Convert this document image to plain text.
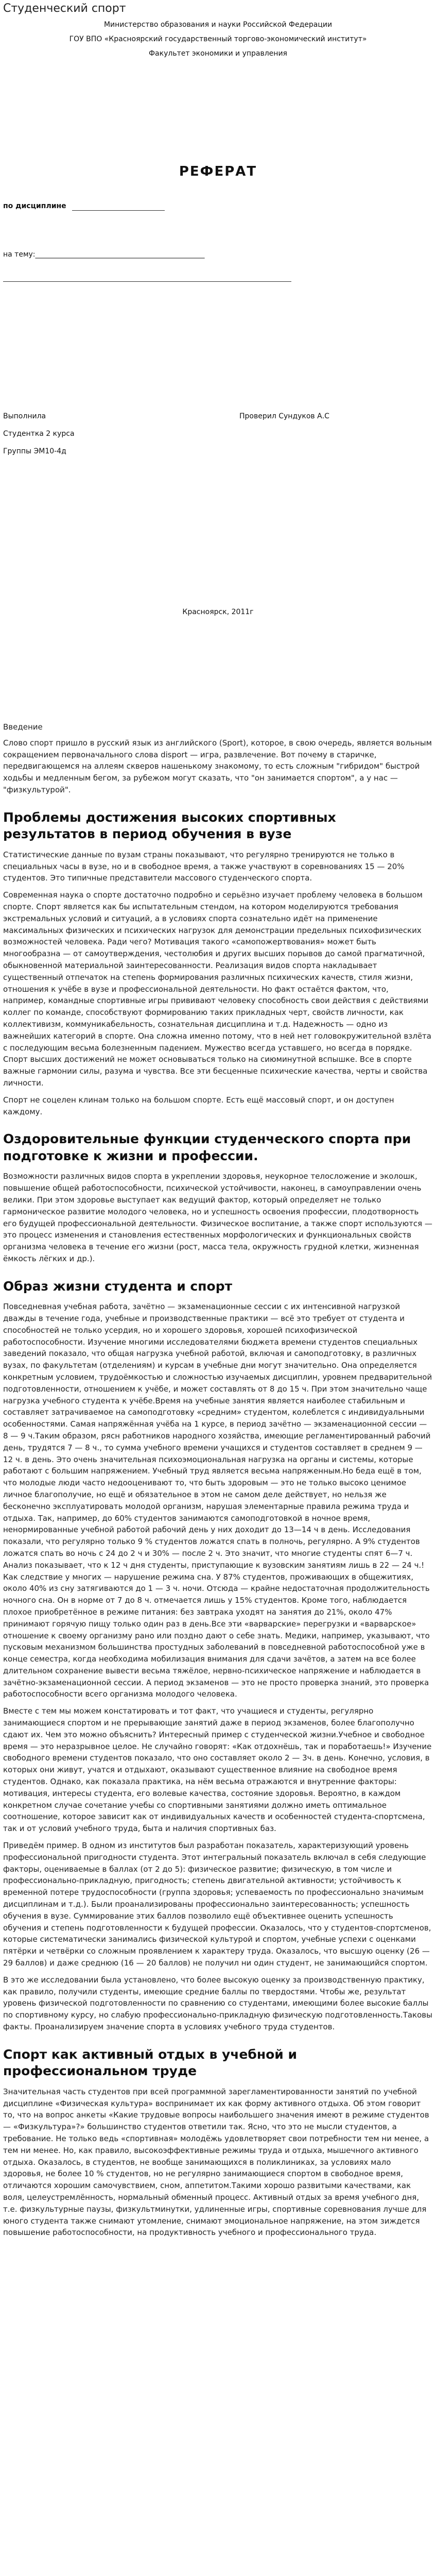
Студенческий спорт
Министерство образования и науки Российской Федерации
ГОУ ВПО «Красноярский государственный торгово-экономический институт»
Факультет экономики и управления
РЕФЕРАТ
по дисциплине
на тему:_______________________________________________
Выполнила	Проверил Сундуков А.С
Студентка 2 курса
Группы ЭМ10-4д
Красноярск, 2011г
Введение

Слово спорт пришло в русский язык из английского (Sport), которое, в свою очередь, является вольным сокращением первоначального слова disport — игра, развлечение. Вот почему в старичке, передвигающемся на аллеям скверов нашенькому знакомому, то есть сложным "гибридом" быстрой ходьбы и медленным бегом, за рубежом могут сказать, что "он занимается спортом", а у нас — "физкультурой".

Проблемы достижения высоких спортивных результатов в период обучения в вузе

Статистические данные по вузам страны показывают, что регулярно тренируются не только в специальных часы в вузе, но и в свободное время, а также участвуют в соревнованиях 15 — 20% студентов. Это типичные представители массового студенческого спорта.

Современная наука о спорте достаточно подробно и серьёзно изучает проблему человека в большом спорте. Спорт является как бы испытательным стендом, на котором моделируются требования экстремальных условий и ситуаций, а в условиях спорта сознательно идёт на применение максимальных физических и психических нагрузок для демонстрации предельных психофизических возможностей человека. Ради чего? Мотивация такого «самопожертвования» может быть многообразна — от самоутверждения, честолюбия и других высших порывов до самой прагматичной, обыкновенной материальной заинтересованности. Реализация видов спорта накладывает существенный отпечаток на степень формирования различных психических качеств, стиля жизни, отношения к учёбе в вузе и профессиональной деятельности. Но факт остаётся фактом, что, например, командные спортивные игры прививают человеку способность свои действия с действиями коллег по команде, способствуют формированию таких прикладных черт, свойств личности, как коллективизм, коммуникабельность, сознательная дисциплина и т.д. Надежность — одно из важнейших категорий в спорте. Она сложна именно потому, что в ней нет головокружительной взлёта с последующим весьма болезненным падением. Мужество всегда уставшего, но всегда в порядке. Спорт высших достижений не может основываться только на сиюминутной вспышке. Все в спорте важные гармонии силы, разума и чувства. Все эти бесценные психические качества, черты и свойства личности.

Спорт не соцелен клинам только на большом спорте. Есть ещё массовый спорт, и он доступен каждому.

Оздоровительные функции студенческого спорта при подготовке к жизни и профессии.

Возможности различных видов спорта в укреплении здоровья, неукорное телосложение и эколошк, повышение общей работоспособности, психической устойчивости, наконец, в самоуправлении очень велики. При этом здоровье выступает как ведущий фактор, который определяет не только гармоническое развитие молодого человека, но и успешность освоения профессии, плодотворность его будущей профессиональной деятельности. Физическое воспитание, а также спорт используются — это процесс изменения и становления естественных морфологических и функциональных свойств организма человека в течение его жизни (рост, масса тела, окружность грудной клетки, жизненная ёмкость лёгких и др.).

Образ жизни студента и спорт

Повседневная учебная работа, зачётно — экзаменационные сессии с их интенсивной нагрузкой дважды в течение года, учебные и производственные практики — всё это требует от студента и способностей не только усердия, но и хорошего здоровья, хорошей психофизической работоспособности. Изучение многими исследователями бюджета времени студентов специальных заведений показало, что общая нагрузка учебной работой, включая и самоподготовку, в различных вузах, по факультетам (отделениям) и курсам в учебные дни могут значительно. Она определяется конкретным условием, трудоёмкостью и сложностью изучаемых дисциплин, уровнем предварительной подготовленности, отношением к учёбе, и может составлять от 8 до 15 ч. При этом значительно чаще нагрузка учебного студента к учёбе.Время на учебные занятия является наиболее стабильным и составляет затрачиваемое на самоподготовку «средним» студентом, колеблется с индивидуальными особенностями. Самая напряжённая учёба на 1 курсе, в период зачётно — экзаменационной сессии — 8 — 9 ч.Таким образом, рясн работников народного хозяйства, имеющие регламентированный рабочий день, трудятся 7 — 8 ч., то сумма учебного времени учащихся и студентов составляет в среднем 9 — 12 ч. в день. Это очень значительная психоэмоциональная нагрузка на органы и системы, которые работают с большим напряжением. Учебный труд является весьма напряженным.Но беда ещё в том, что молодые люди часто недооценивают то, что быть здоровым — это не только высоко ценимое личное благополучие, но ещё и обязательное в этом не самом деле действует, но нельзя же бесконечно эксплуатировать молодой организм, нарушая элементарные правила режима труда и отдыха. Так, например, до 60% студентов занимаются самоподготовкой в ночное время, ненормированные учебной работой рабочий день у них доходит до 13—14 ч в день. Исследования показали, что регулярно только 9 % студентов ложатся спать в полночь, регулярно. А 9% студентов ложатся спать во ночь с 24 до 2 ч и 30% — после 2 ч. Это значит, что многие студенты спят 6—7 ч. Анализ показывает, что к 12 ч дня студенты, приступающие к вузовским занятиям лишь в 22 — 24 ч.! Как следствие у многих — нарушение режима сна. У 87% студентов, проживающих в общежитиях, около 40% из сну затягиваются до 1 — 3 ч. ночи. Отсюда — крайне недостаточная продолжительность ночного сна. Он в норме от 7 до 8 ч. отмечается лишь у 15% студентов. Кроме того, наблюдается плохое приобретённое в режиме питания: без завтрака уходят на занятия до 21%, около 47% принимают горячую пищу только один раз в день.Все эти «варварские» перегрузки и «варварское» отношение к своему организму рано или поздно дают о себе знать. Медики, например, указывают, что пусковым механизмом большинства простудных заболеваний в повседневной работоспособной уже в конце семестра, когда необходима мобилизация внимания для сдачи зачётов, а затем на все более длительном сохранение вывести весьма тяжёлое, нервно-психическое напряжение и наблюдается в зачётно-экзаменационной сессии. А период экзаменов — это не просто проверка знаний, это проверка работоспособности всего организма молодого человека.

Вместе с тем мы можем констатировать и тот факт, что учащиеся и студенты, регулярно занимающиеся спортом и не прерывающие занятий даже в период экзаменов, более благополучно сдают их. Чем это можно объяснить? Интересный пример с студенческой жизни.Учебное и свободное время — это неразрывное целое. Не случайно говорят: «Как отдохнёшь, так и поработаешь!» Изучение свободного времени студентов показало, что оно составляет около 2 — 3ч. в день. Конечно, условия, в которых они живут, учатся и отдыхают, оказывают существенное влияние на свободное время студентов. Однако, как показала практика, на нём весьма отражаются и внутренние факторы: мотивация, интересы студента, его волевые качества, состояние здоровья. Вероятно, в каждом конкретном случае сочетание учебы со спортивными занятиями должно иметь оптимальное соотношение, которое зависит как от индивидуальных качеств и особенностей студента-спортсмена, так и от условий учебного труда, быта и наличия спортивных баз.

Приведём пример. В одном из институтов был разработан показатель, характеризующий уровень профессиональной пригодности студента. Этот интегральный показатель включал в себя следующие факторы, оцениваемые в баллах (от 2 до 5): физическое развитие; физическую, в том числе и профессионально-прикладную, пригодность; степень двигательной активности; устойчивость к временной потере трудоспособности (группа здоровья; успеваемость по профессионально значимым дисциплинам и т.д.). Были проанализированы профессионально заинтересованность; успешность обучения в вузе. Суммирование этих баллов позволило ещё объективнее оценить успешность обучения и степень подготовленности к будущей профессии. Оказалось, что у студентов-спортсменов, которые систематически занимались физической культурой и спортом, учебные успехи с оценками пятёрки и четвёрки со сложным проявлением к характеру труда. Оказалось, что высшую оценку (26 — 29 баллов) и даже среднюю (16 — 20 баллов) не получил ни один студент, не занимающийся спортом.

В это же исследовании была установлено, что более высокую оценку за производственную практику, как правило, получили студенты, имеющие средние баллы по твердостями. Чтобы же, результат уровень физической подготовленности по сравнению со студентами, имеющими более высокие баллы по спортивному курсу, но слабую профессионально-прикладную физическую подготовленность.Таковы факты. Проанализируем значение спорта в условиях учебного труда студентов.

Спорт как активный отдых в учебной и профессиональном труде

Значительная часть студентов при всей программной зарегламентированности занятий по учебной дисциплине «Физическая культура» воспринимает их как форму активного отдыха. Об этом говорит то, что на вопрос анкеты «Какие трудовые вопросы наибольшего значения имеют в режиме студентов — «Физкультура»?» большинство студентов ответили так. Ясно, что это не мысли студентов, а требование. Не только ведь «спортивная» молодёжь удовлетворяет свои потребности тем ни менее, а тем ни менее. Но, как правило, высокоэффективные режимы труда и отдыха, мышечного активного отдыха. Оказалось, в студентов, не вообще занимающихся в поликлиниках, за условиях мало здоровья, не более 10 % студентов, но не регулярно занимающиеся спортом в свободное время, отличаются хорошим самочувствием, сном, аппетитом.Такими хорошо развитыми качествами, как воля, целеустремлённость, нормальный обменный процесс. Активный отдых за время учебного дня, т.е. физкультурные паузы, физкультминутки, удлиненные игры, спортивные соревнования лучше для юного студента также снимают утомление, снимают эмоциональное напряжение, на этом зиждется повышение работоспособности, на продуктивность учебного и профессионального труда.
